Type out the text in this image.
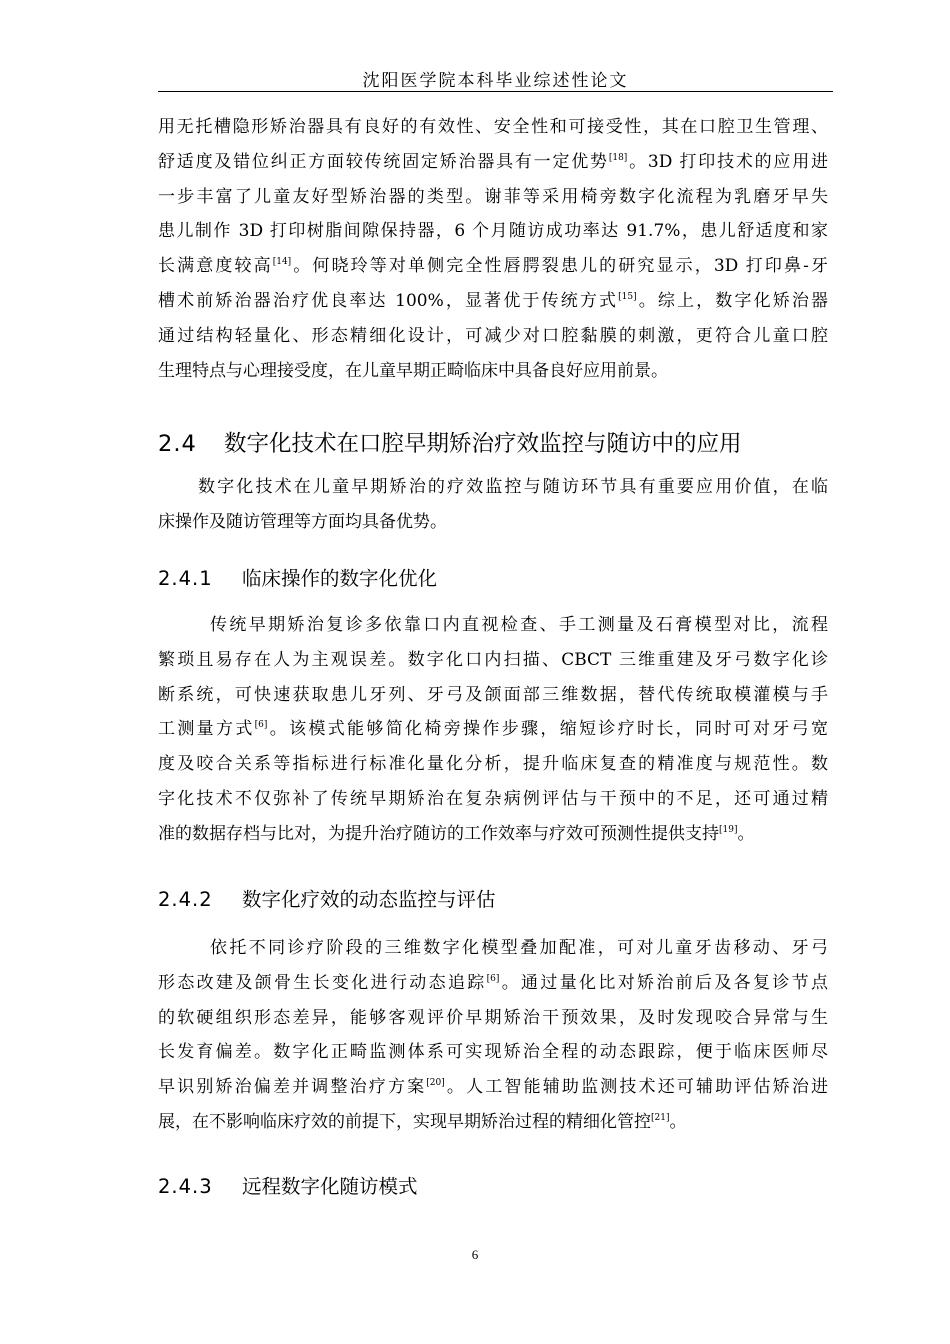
沈阳医学院本科毕业综述性论文
用无托槽隐形矫治器具有良好的有效性、安全性和可接受性，其在口腔卫生管理、
舒适度及错位纠正方面较传统固定矫治器具有一定优势[18]。3D 打印技术的应用进
一步丰富了儿童友好型矫治器的类型。谢菲等采用椅旁数字化流程为乳磨牙早失
患儿制作 3D 打印树脂间隙保持器，6 个月随访成功率达 91.7%，患儿舒适度和家
长满意度较高[14]。何晓玲等对单侧完全性唇腭裂患儿的研究显示，3D 打印鼻-牙
槽术前矫治器治疗优良率达 100%，显著优于传统方式[15]。综上，数字化矫治器
通过结构轻量化、形态精细化设计，可减少对口腔黏膜的刺激，更符合儿童口腔
生理特点与心理接受度，在儿童早期正畸临床中具备良好应用前景。
2.4 数字化技术在口腔早期矫治疗效监控与随访中的应用
数字化技术在儿童早期矫治的疗效监控与随访环节具有重要应用价值，在临
床操作及随访管理等方面均具备优势。
2.4.1 临床操作的数字化优化
传统早期矫治复诊多依靠口内直视检查、手工测量及石膏模型对比，流程
繁琐且易存在人为主观误差。数字化口内扫描、CBCT 三维重建及牙弓数字化诊
断系统，可快速获取患儿牙列、牙弓及颌面部三维数据，替代传统取模灌模与手
工测量方式[6]。该模式能够简化椅旁操作步骤，缩短诊疗时长，同时可对牙弓宽
度及咬合关系等指标进行标准化量化分析，提升临床复查的精准度与规范性。数
字化技术不仅弥补了传统早期矫治在复杂病例评估与干预中的不足，还可通过精
准的数据存档与比对，为提升治疗随访的工作效率与疗效可预测性提供支持[19]。
2.4.2 数字化疗效的动态监控与评估
依托不同诊疗阶段的三维数字化模型叠加配准，可对儿童牙齿移动、牙弓
形态改建及颌骨生长变化进行动态追踪[6]。通过量化比对矫治前后及各复诊节点
的软硬组织形态差异，能够客观评价早期矫治干预效果，及时发现咬合异常与生
长发育偏差。数字化正畸监测体系可实现矫治全程的动态跟踪，便于临床医师尽
早识别矫治偏差并调整治疗方案[20]。人工智能辅助监测技术还可辅助评估矫治进
展，在不影响临床疗效的前提下，实现早期矫治过程的精细化管控[21]。
2.4.3 远程数字化随访模式
6
